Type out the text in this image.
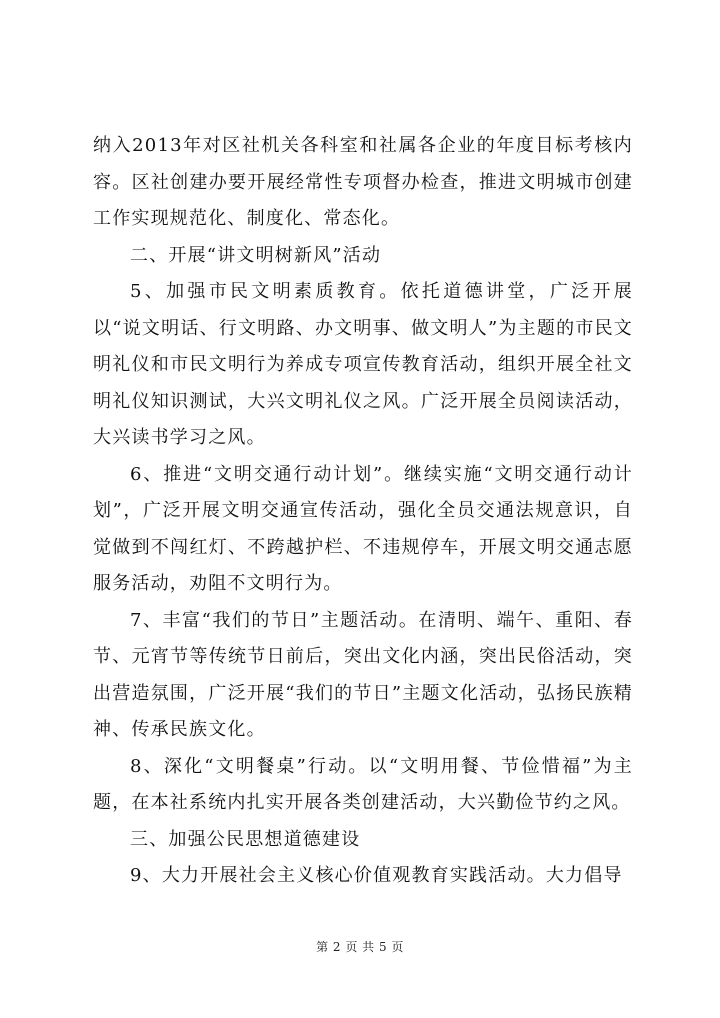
纳入2013年对区社机关各科室和社属各企业的年度目标考核内容。区社创建办要开展经常性专项督办检查，推进文明城市创建工作实现规范化、制度化、常态化。

二、开展“讲文明树新风”活动

5、加强市民文明素质教育。依托道德讲堂，广泛开展以“说文明话、行文明路、办文明事、做文明人”为主题的市民文明礼仪和市民文明行为养成专项宣传教育活动，组织开展全社文明礼仪知识测试，大兴文明礼仪之风。广泛开展全员阅读活动，大兴读书学习之风。

6、推进“文明交通行动计划”。继续实施“文明交通行动计划”，广泛开展文明交通宣传活动，强化全员交通法规意识，自觉做到不闯红灯、不跨越护栏、不违规停车，开展文明交通志愿服务活动，劝阻不文明行为。

7、丰富“我们的节日”主题活动。在清明、端午、重阳、春节、元宵节等传统节日前后，突出文化内涵，突出民俗活动，突出营造氛围，广泛开展“我们的节日”主题文化活动，弘扬民族精神、传承民族文化。

8、深化“文明餐桌”行动。以“文明用餐、节俭惜福”为主题，在本社系统内扎实开展各类创建活动，大兴勤俭节约之风。

三、加强公民思想道德建设

9、大力开展社会主义核心价值观教育实践活动。大力倡导

第 2 页 共 5 页
